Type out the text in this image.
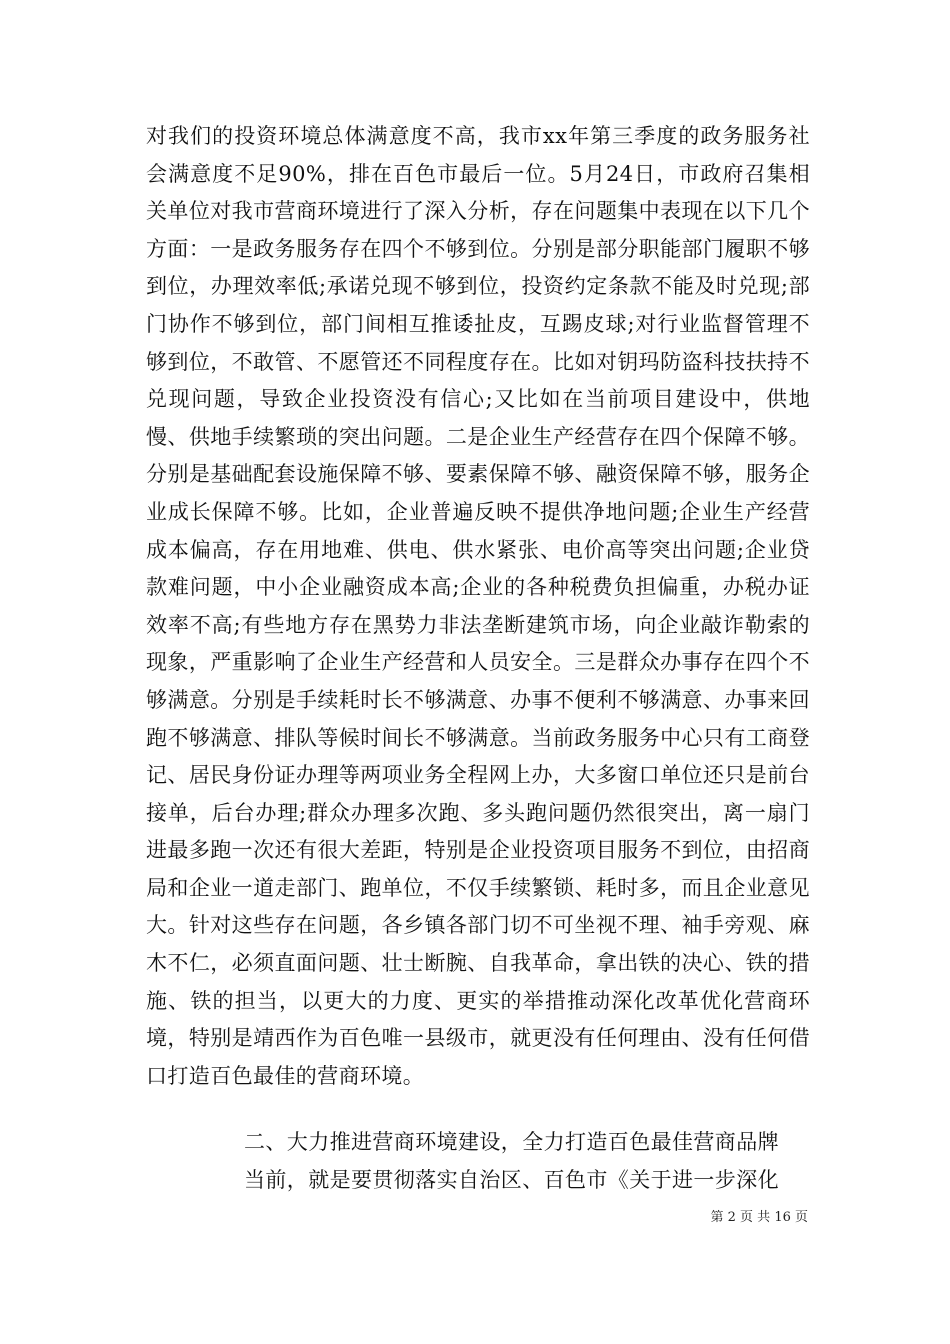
对我们的投资环境总体满意度不高，我市xx年第三季度的政务服务社会满意度不足90%，排在百色市最后一位。5月24日，市政府召集相关单位对我市营商环境进行了深入分析，存在问题集中表现在以下几个方面：一是政务服务存在四个不够到位。分别是部分职能部门履职不够到位，办理效率低;承诺兑现不够到位，投资约定条款不能及时兑现;部门协作不够到位，部门间相互推诿扯皮，互踢皮球;对行业监督管理不够到位，不敢管、不愿管还不同程度存在。比如对钥玛防盗科技扶持不兑现问题，导致企业投资没有信心;又比如在当前项目建设中，供地慢、供地手续繁琐的突出问题。二是企业生产经营存在四个保障不够。分别是基础配套设施保障不够、要素保障不够、融资保障不够，服务企业成长保障不够。比如，企业普遍反映不提供净地问题;企业生产经营成本偏高，存在用地难、供电、供水紧张、电价高等突出问题;企业贷款难问题，中小企业融资成本高;企业的各种税费负担偏重，办税办证效率不高;有些地方存在黑势力非法垄断建筑市场，向企业敲诈勒索的现象，严重影响了企业生产经营和人员安全。三是群众办事存在四个不够满意。分别是手续耗时长不够满意、办事不便利不够满意、办事来回跑不够满意、排队等候时间长不够满意。当前政务服务中心只有工商登记、居民身份证办理等两项业务全程网上办，大多窗口单位还只是前台接单，后台办理;群众办理多次跑、多头跑问题仍然很突出，离一扇门进最多跑一次还有很大差距，特别是企业投资项目服务不到位，由招商局和企业一道走部门、跑单位，不仅手续繁锁、耗时多，而且企业意见大。针对这些存在问题，各乡镇各部门切不可坐视不理、袖手旁观、麻木不仁，必须直面问题、壮士断腕、自我革命，拿出铁的决心、铁的措施、铁的担当，以更大的力度、更实的举措推动深化改革优化营商环境，特别是靖西作为百色唯一县级市，就更没有任何理由、没有任何借口打造百色最佳的营商环境。

二、大力推进营商环境建设，全力打造百色最佳营商品牌

当前，就是要贯彻落实自治区、百色市《关于进一步深化

第 2 页 共 16 页
